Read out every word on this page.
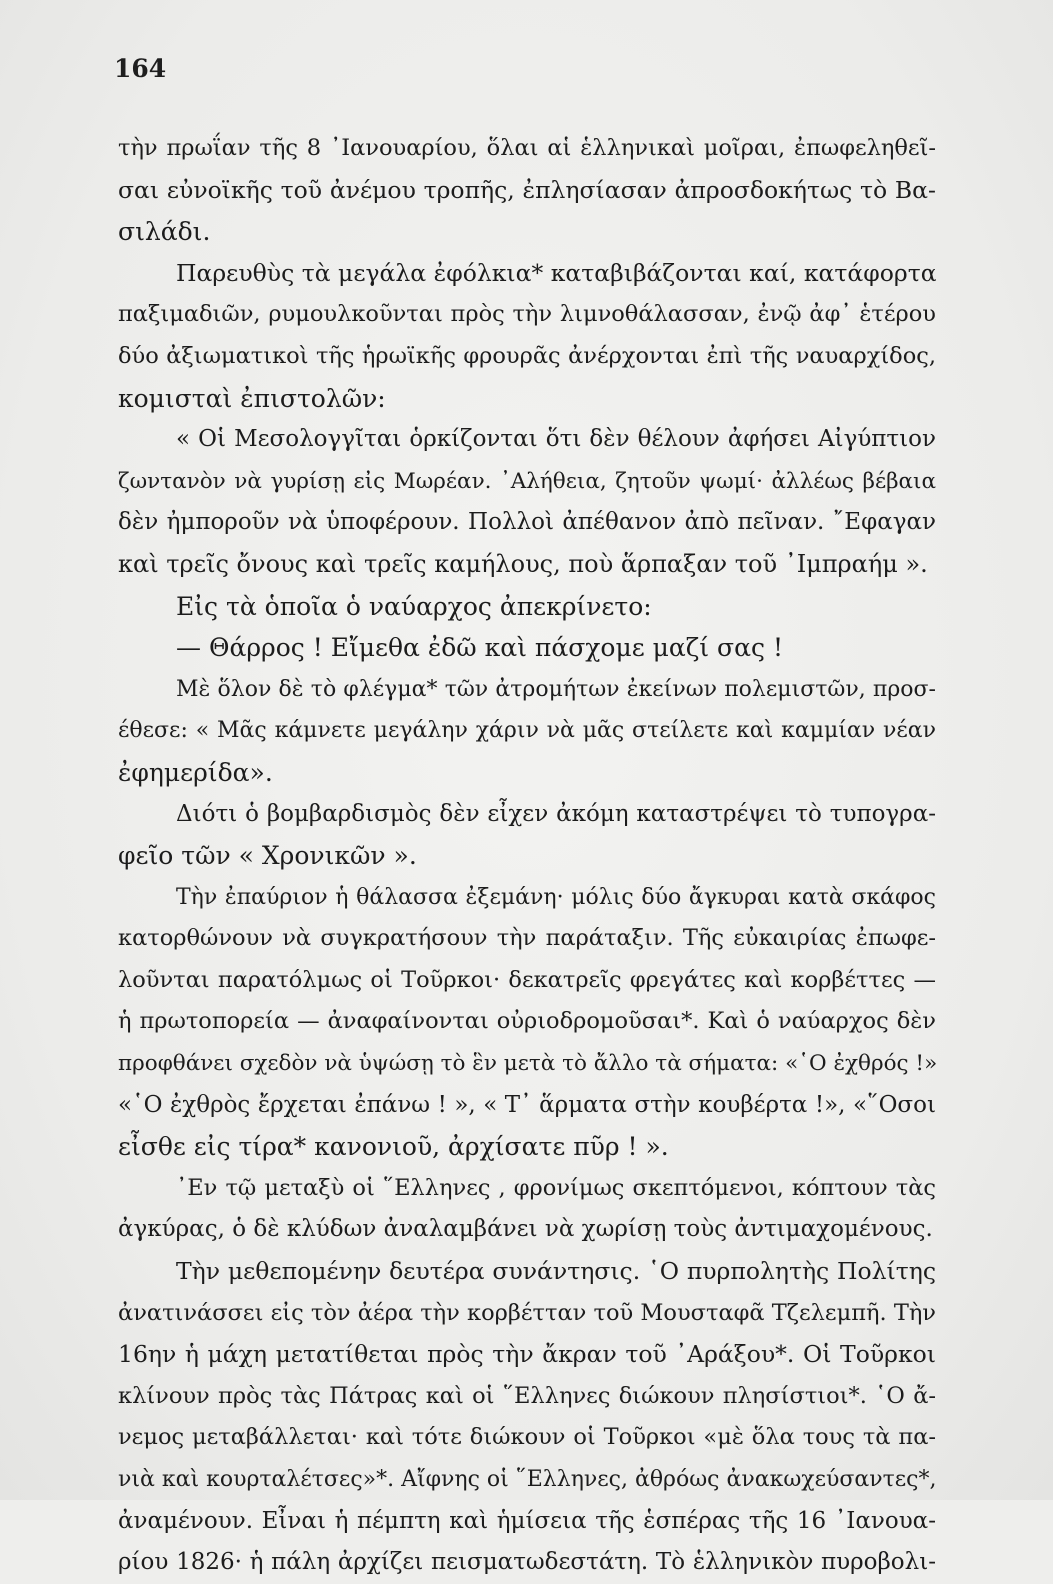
164
τὴν πρωΐαν τῆς 8 ᾿Ιανουαρίου, ὅλαι αἱ ἑλληνικαὶ μοῖραι, ἐπωφεληθεῖ-
σαι εὐνοϊκῆς τοῦ ἀνέμου τροπῆς, ἐπλησίασαν ἀπροσδοκήτως τὸ Βα-
σιλάδι.
Παρευθὺς τὰ μεγάλα ἐφόλκια* καταβιβάζονται καί, κατάφορτα
παξιμαδιῶν, ρυμουλκοῦνται πρὸς τὴν λιμνοθάλασσαν, ἐνῷ ἀφ᾿ ἑτέρου
δύο ἀξιωματικοὶ τῆς ἡρωϊκῆς φρουρᾶς ἀνέρχονται ἐπὶ τῆς ναυαρχίδος,
κομισταὶ ἐπιστολῶν:
« Οἱ Μεσολογγῖται ὁρκίζονται ὅτι δὲν θέλουν ἀφήσει Αἰγύπτιον
ζωντανὸν νὰ γυρίσῃ εἰς Μωρέαν. ᾿Αλήθεια, ζητοῦν ψωμί· ἀλλέως βέβαια
δὲν ἠμποροῦν νὰ ὑποφέρουν. Πολλοὶ ἀπέθανον ἀπὸ πεῖναν. ῎Εφαγαν
καὶ τρεῖς ὄνους καὶ τρεῖς καμήλους, ποὺ ἅρπαξαν τοῦ ᾿Ιμπραήμ ».
Εἰς τὰ ὁποῖα ὁ ναύαρχος ἀπεκρίνετο:
— Θάρρος ! Εἴμεθα ἐδῶ καὶ πάσχομε μαζί σας !
Μὲ ὅλον δὲ τὸ φλέγμα* τῶν ἀτρομήτων ἐκείνων πολεμιστῶν, προσ-
έθεσε: « Μᾶς κάμνετε μεγάλην χάριν νὰ μᾶς στείλετε καὶ καμμίαν νέαν
ἐφημερίδα».
Διότι ὁ βομβαρδισμὸς δὲν εἶχεν ἀκόμη καταστρέψει τὸ τυπογρα-
φεῖο τῶν « Χρονικῶν ».
Τὴν ἐπαύριον ἡ θάλασσα ἐξεμάνη· μόλις δύο ἄγκυραι κατὰ σκάφος
κατορθώνουν νὰ συγκρατήσουν τὴν παράταξιν. Τῆς εὐκαιρίας ἐπωφε-
λοῦνται παρατόλμως οἱ Τοῦρκοι· δεκατρεῖς φρεγάτες καὶ κορβέττες —
ἡ πρωτοπορεία — ἀναφαίνονται οὐριοδρομοῦσαι*. Καὶ ὁ ναύαρχος δὲν
προφθάνει σχεδὸν νὰ ὑψώσῃ τὸ ἓν μετὰ τὸ ἄλλο τὰ σήματα: «῾Ο ἐχθρός !»
«῾Ο ἐχθρὸς ἔρχεται ἐπάνω ! », « Τ᾿ ἅρματα στὴν κουβέρτα !», «῞Οσοι
εἶσθε εἰς τίρα* κανονιοῦ, ἀρχίσατε πῦρ ! ».
᾿Εν τῷ μεταξὺ οἱ ῞Ελληνες , φρονίμως σκεπτόμενοι, κόπτουν τὰς
ἀγκύρας, ὁ δὲ κλύδων ἀναλαμβάνει νὰ χωρίσῃ τοὺς ἀντιμαχομένους.
Τὴν μεθεπομένην δευτέρα συνάντησις. ῾Ο πυρπολητὴς Πολίτης
ἀνατινάσσει εἰς τὸν ἀέρα τὴν κορβέτταν τοῦ Μουσταφᾶ Τζελεμπῆ. Τὴν
16ην ἡ μάχη μετατίθεται πρὸς τὴν ἄκραν τοῦ ᾿Αράξου*. Οἱ Τοῦρκοι
κλίνουν πρὸς τὰς Πάτρας καὶ οἱ ῞Ελληνες διώκουν πλησίστιοι*. ῾Ο ἄ-
νεμος μεταβάλλεται· καὶ τότε διώκουν οἱ Τοῦρκοι «μὲ ὅλα τους τὰ πα-
νιὰ καὶ κουρταλέτσες»*. Αἴφνης οἱ ῞Ελληνες, ἀθρόως ἀνακωχεύσαντες*,
ἀναμένουν. Εἶναι ἡ πέμπτη καὶ ἡμίσεια τῆς ἑσπέρας τῆς 16 ᾿Ιανουα-
ρίου 1826· ἡ πάλη ἀρχίζει πεισματωδεστάτη. Τὸ ἑλληνικὸν πυροβολι-
